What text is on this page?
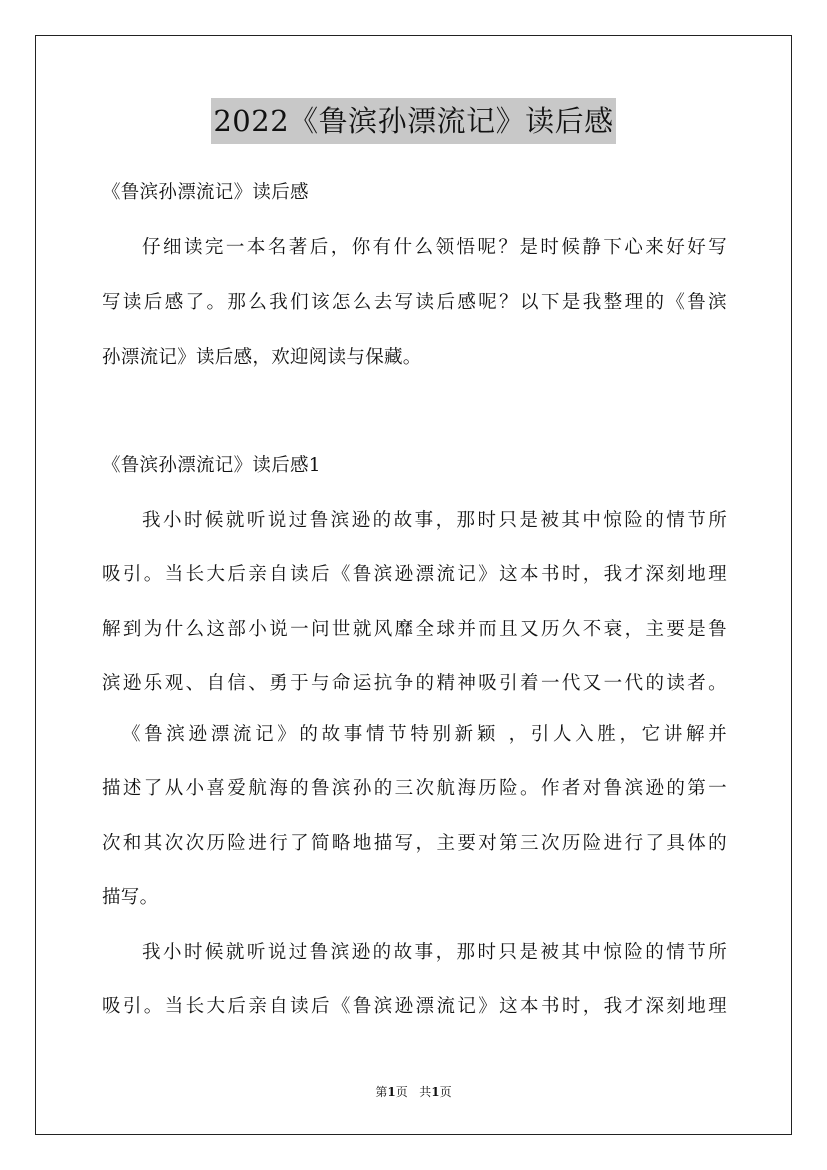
2022《鲁滨孙漂流记》读后感
《鲁滨孙漂流记》读后感
仔细读完一本名著后，你有什么领悟呢？是时候静下心来好好写
写读后感了。那么我们该怎么去写读后感呢？以下是我整理的《鲁滨
孙漂流记》读后感，欢迎阅读与保藏。
《鲁滨孙漂流记》读后感1
我小时候就听说过鲁滨逊的故事，那时只是被其中惊险的情节所
吸引。当长大后亲自读后《鲁滨逊漂流记》这本书时，我才深刻地理
解到为什么这部小说一问世就风靡全球并而且又历久不衰，主要是鲁
滨逊乐观、自信、勇于与命运抗争的精神吸引着一代又一代的读者。
《鲁滨逊漂流记》的故事情节特别新颖 ，引人入胜，它讲解并
描述了从小喜爱航海的鲁滨孙的三次航海历险。作者对鲁滨逊的第一
次和其次次历险进行了简略地描写，主要对第三次历险进行了具体的
描写。
我小时候就听说过鲁滨逊的故事，那时只是被其中惊险的情节所
吸引。当长大后亲自读后《鲁滨逊漂流记》这本书时，我才深刻地理
第1页 共1页
